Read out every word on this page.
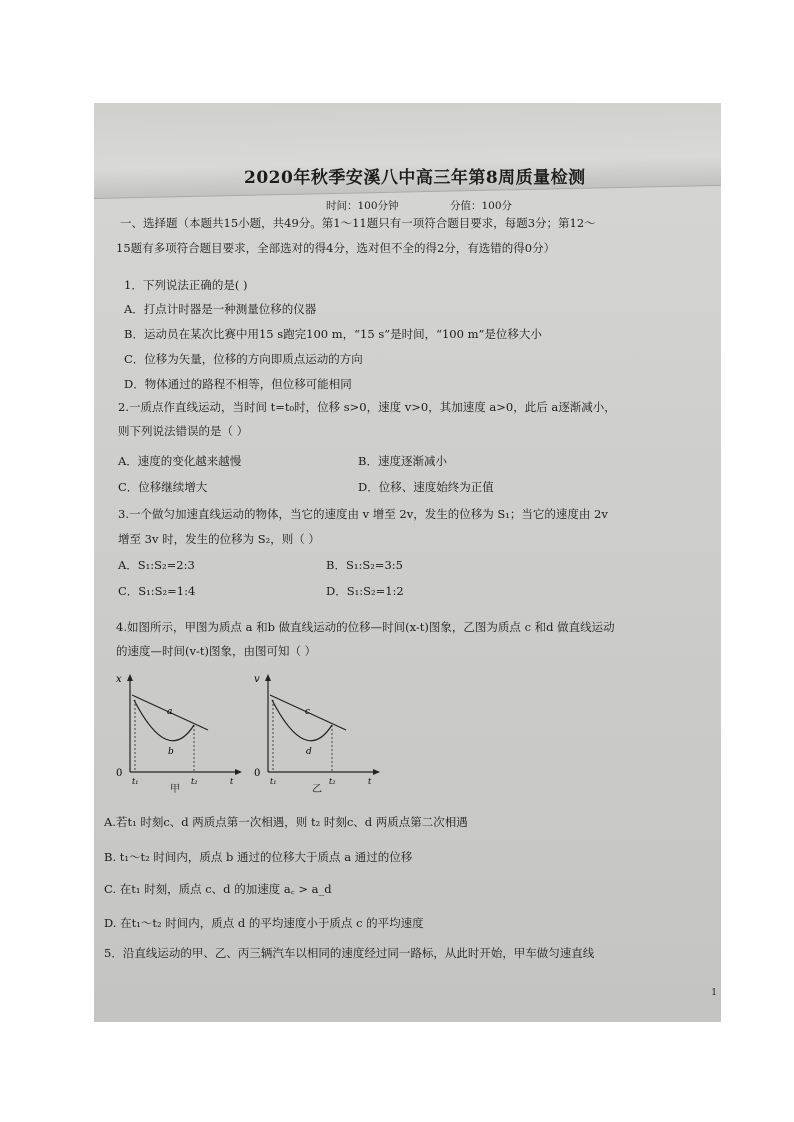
2020年秋季安溪八中高三年第8周质量检测
时间：100分钟	分值：100分
一、选择题（本题共15小题，共49分。第1～11题只有一项符合题目要求，每题3分；第12～
15题有多项符合题目要求，全部选对的得4分，选对但不全的得2分，有选错的得0分）
1．下列说法正确的是( )
A．打点计时器是一种测量位移的仪器
B．运动员在某次比赛中用15 s跑完100 m，“15 s”是时间，“100 m”是位移大小
C．位移为矢量，位移的方向即质点运动的方向
D．物体通过的路程不相等，但位移可能相同
2.一质点作直线运动，当时间 t=t₀时，位移 s>0，速度 v>0，其加速度 a>0，此后 a逐渐减小，
则下列说法错误的是（ ）
A．速度的变化越来越慢	B．速度逐渐减小
C．位移继续增大	D．位移、速度始终为正值
3.一个做匀加速直线运动的物体，当它的速度由 v 增至 2v，发生的位移为 S₁；当它的速度由 2v
增至 3v 时，发生的位移为 S₂，则（ ）
A．S₁:S₂=2:3	B．S₁:S₂=3:5
C．S₁:S₂=1:4	D．S₁:S₂=1:2
4.如图所示，甲图为质点 a 和b 做直线运动的位移—时间(x-t)图象，乙图为质点 c 和d 做直线运动
的速度—时间(v-t)图象，由图可知（ ）
x
0
t₁	t₂	t
a
b
甲
v
0
t₁	t₂	t
c
d
乙
A.若t₁ 时刻c、d 两质点第一次相遇，则 t₂ 时刻c、d 两质点第二次相遇
B. t₁～t₂ 时间内，质点 b 通过的位移大于质点 a 通过的位移
C. 在t₁ 时刻，质点 c、d 的加速度 a꜀ > a_d
D. 在t₁～t₂ 时间内，质点 d 的平均速度小于质点 c 的平均速度
5．沿直线运动的甲、乙、丙三辆汽车以相同的速度经过同一路标，从此时开始，甲车做匀速直线
1
